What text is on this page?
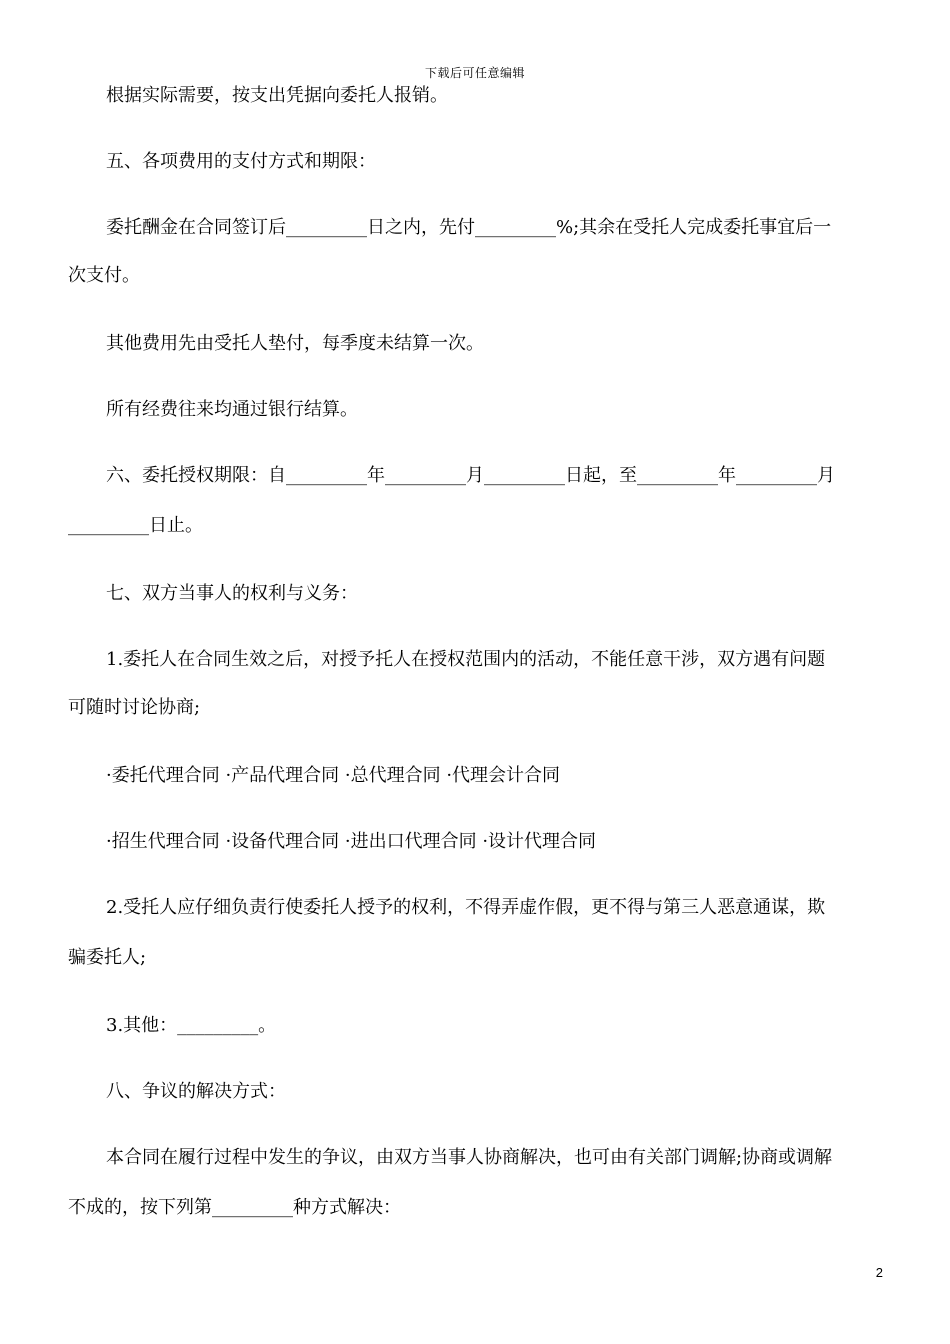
下载后可任意编辑
根据实际需要，按支出凭据向委托人报销。
五、各项费用的支付方式和期限：
委托酬金在合同签订后_________日之内，先付_________%;其余在受托人完成委托事宜后一
次支付。
其他费用先由受托人垫付，每季度未结算一次。
所有经费往来均通过银行结算。
六、委托授权期限：自_________年_________月_________日起，至_________年_________月
_________日止。
七、双方当事人的权利与义务：
1.委托人在合同生效之后，对授予托人在授权范围内的活动，不能任意干涉，双方遇有问题
可随时讨论协商;
·委托代理合同 ·产品代理合同 ·总代理合同 ·代理会计合同
·招生代理合同 ·设备代理合同 ·进出口代理合同 ·设计代理合同
2.受托人应仔细负责行使委托人授予的权利，不得弄虚作假，更不得与第三人恶意通谋，欺
骗委托人;
3.其他：_________。
八、争议的解决方式：
本合同在履行过程中发生的争议，由双方当事人协商解决，也可由有关部门调解;协商或调解
不成的，按下列第_________种方式解决：
2
